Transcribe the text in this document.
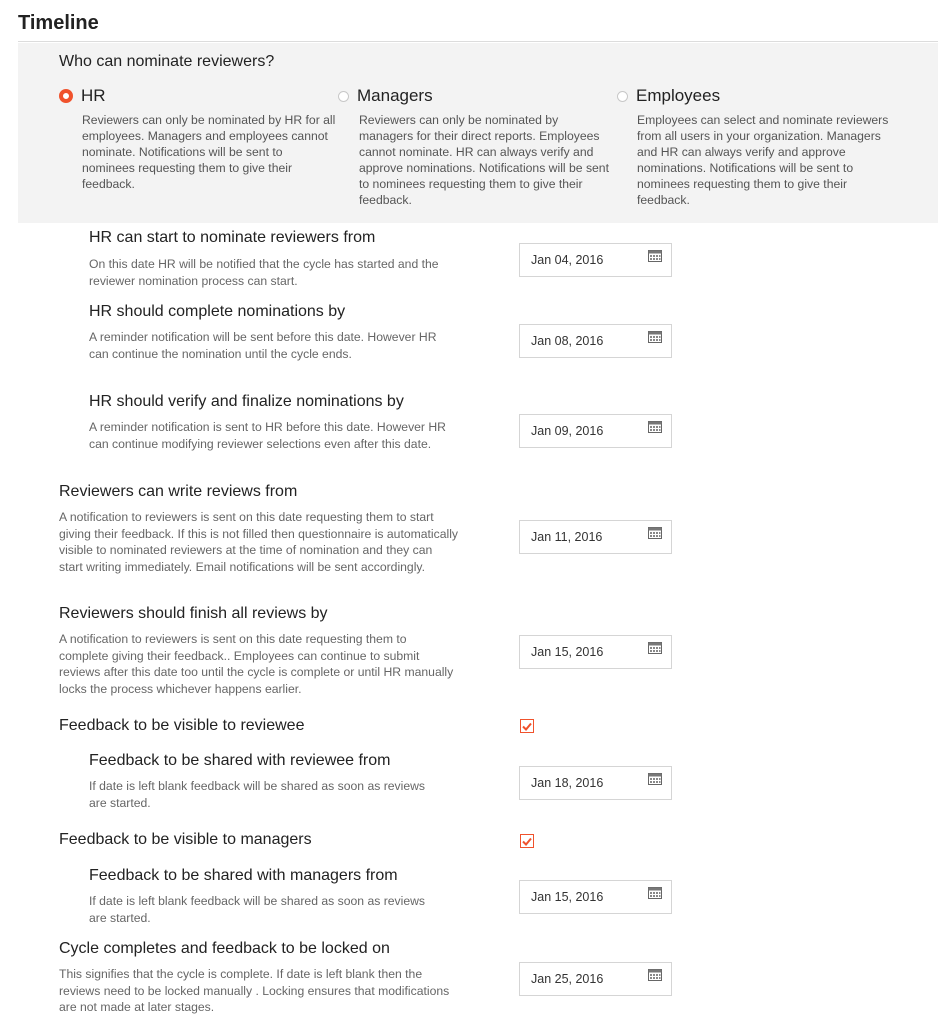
Timeline
Who can nominate reviewers?
HR
Reviewers can only be nominated by HR for all employees. Managers and employees cannot nominate. Notifications will be sent to nominees requesting them to give their feedback.
Managers
Reviewers can only be nominated by managers for their direct reports. Employees cannot nominate. HR can always verify and approve nominations. Notifications will be sent to nominees requesting them to give their feedback.
Employees
Employees can select and nominate reviewers from all users in your organization. Managers and HR can always verify and approve nominations. Notifications will be sent to nominees requesting them to give their feedback.
HR can start to nominate reviewers from
On this date HR will be notified that the cycle has started and the reviewer nomination process can start.
Jan 04, 2016
HR should complete nominations by
A reminder notification will be sent before this date. However HR can continue the nomination until the cycle ends.
Jan 08, 2016
HR should verify and finalize nominations by
A reminder notification is sent to HR before this date. However HR can continue modifying reviewer selections even after this date.
Jan 09, 2016
Reviewers can write reviews from
A notification to reviewers is sent on this date requesting them to start giving their feedback. If this is not filled then questionnaire is automatically visible to nominated reviewers at the time of nomination and they can start writing immediately. Email notifications will be sent accordingly.
Jan 11, 2016
Reviewers should finish all reviews by
A notification to reviewers is sent on this date requesting them to complete giving their feedback.. Employees can continue to submit reviews after this date too until the cycle is complete or until HR manually locks the process whichever happens earlier.
Jan 15, 2016
Feedback to be visible to reviewee
Feedback to be shared with reviewee from
If date is left blank feedback will be shared as soon as reviews are started.
Jan 18, 2016
Feedback to be visible to managers
Feedback to be shared with managers from
If date is left blank feedback will be shared as soon as reviews are started.
Jan 15, 2016
Cycle completes and feedback to be locked on
This signifies that the cycle is complete. If date is left blank then the reviews need to be locked manually . Locking ensures that modifications are not made at later stages.
Jan 25, 2016
